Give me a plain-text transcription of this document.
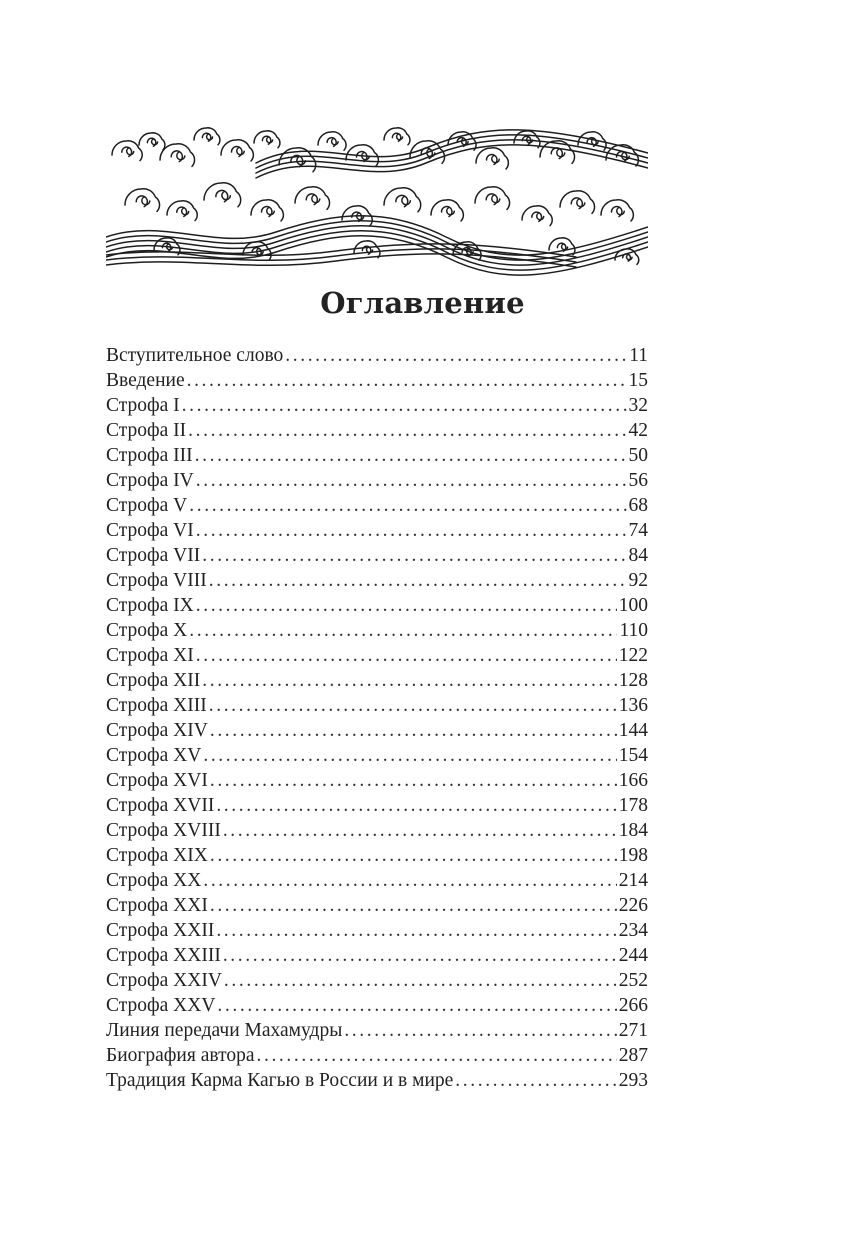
Оглавление
Вступительное слово .....	11
Введение .....	15
Строфа I .....	32
Строфа II .....	42
Строфа III .....	50
Строфа IV .....	56
Строфа V .....	68
Строфа VI .....	74
Строфа VII .....	84
Строфа VIII .....	92
Строфа IX .....	100
Строфа X .....	110
Строфа XI .....	122
Строфа XII .....	128
Строфа XIII .....	136
Строфа XIV .....	144
Строфа XV .....	154
Строфа XVI .....	166
Строфа XVII .....	178
Строфа XVIII .....	184
Строфа XIX .....	198
Строфа XX .....	214
Строфа XXI .....	226
Строфа XXII .....	234
Строфа XXIII .....	244
Строфа XXIV .....	252
Строфа XXV .....	266
Линия передачи Махамудры .....	271
Биография автора .....	287
Традиция Карма Кагью в России и в мире .....	293
